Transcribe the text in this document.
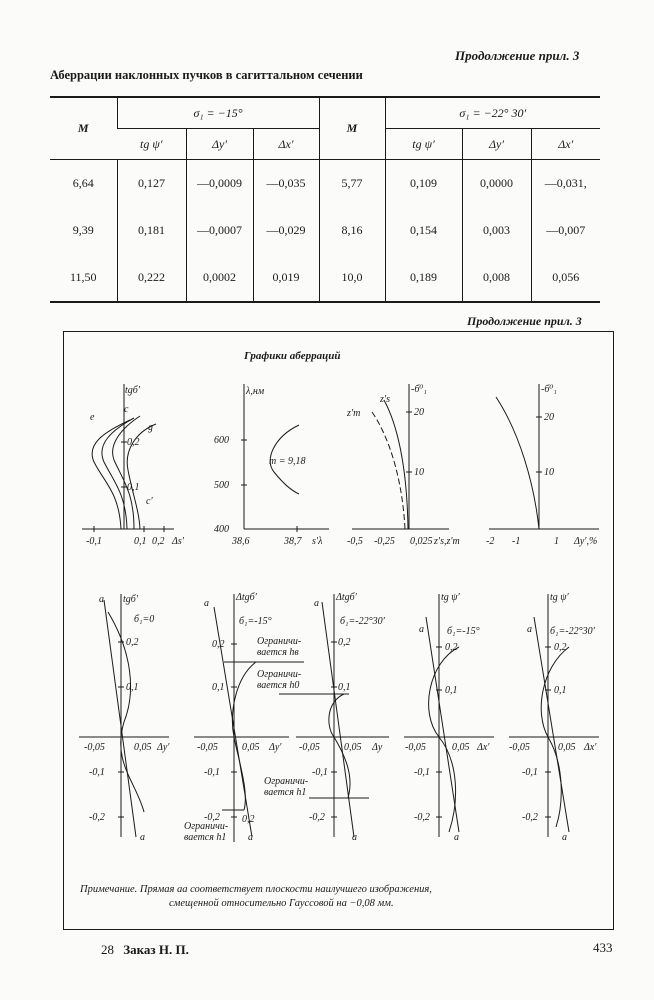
Продолжение прил. 3
Аберрации наклонных пучков в сагиттальном сечении
M	σ₁ = −15°			M	σ₁ = −22° 30′		
	tg ψ′	Δy′	Δx′		tg ψ′	Δy′	Δx′
6,64	0,127	—0,0009	—0,035	5,77	0,109	0,0000	—0,031,
9,39	0,181	—0,0007	—0,029	8,16	0,154	0,003	—0,007
11,50	0,222	0,0002	0,019	10,0	0,189	0,008	0,056
Продолжение прил. 3
Графики аберраций
tgб′
e
c
g
c′
0,2
0,1
-0,1	0,1 0,2 Δs′
λ,нм
600
500
400
38,6	38,7 s′λ
m = 9,18
-б⁰₁
z′s
z′m	20
10
-0,5 -0,25 0,025 z′s,z′m
-б⁰₁
20
10
-2 -1	1 Δy′,%
tgб′
б₁=0
a
a
0,2
0,1
-0,1
-0,2
-0,05	0,05 Δy′
Δtgб′
б₁=-15°
a
a
0,2
0,1
-0,1
-0,2 0,2
-0,05 0,05 Δy′
Ограничи-
вается hв
Ограничи-
вается h1
Δtgб′
б₁=-22°30′
a
a
0,2
0,1
-0,1
-0,2
-0,05 0,05 Δy
Ограничи-
вается h0
Ограничи-
вается h1
tg ψ′
б₁=-15°
a
a
0,2
0,1
-0,1
-0,2
-0,05	0,05 Δx′
tg ψ′
б₁=-22°30′
a
a
0,2
0,1
-0,1
-0,2
-0,05	0,05 Δx′
Примечание. Прямая aa соответствует плоскости наилучшего изображения,
смещенной относительно Гауссовой на −0,08 мм.
28 Заказ Н. П.	433
